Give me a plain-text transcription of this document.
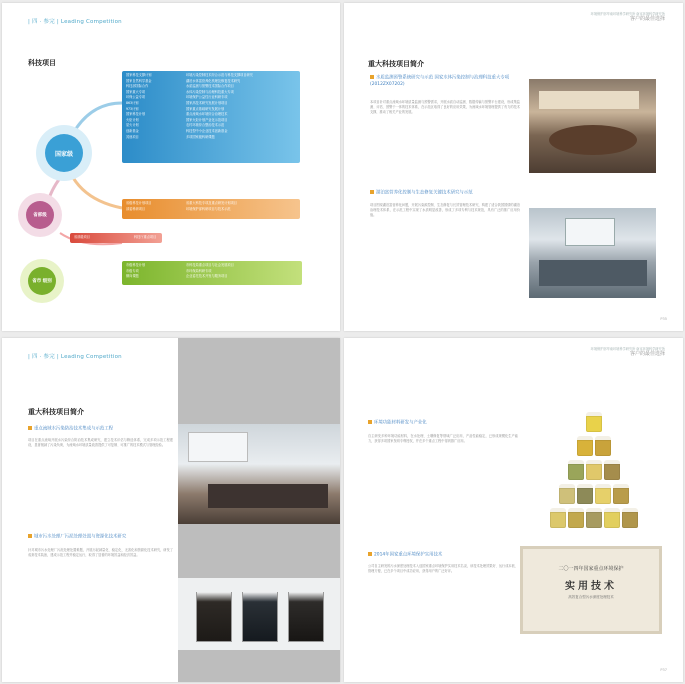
| 四 · 参完 | Leading Competition
科技项目
国家级
省部级
省市 级别
国家科技支撑计划	环境污染控制技术综合示范与科技支撑项目研究
国家自然科学基金	湖泊水体富营养化机理及修复技术研究
科技部国际合作	水质监测与预警技术国际合作项目
国家重大专项	水体污染控制与治理科技重大专项
环保公益专项	环境保护公益性行业科研专项
863计划	国家高技术研究发展计划项目
973计划	国家重点基础研究发展计划
国家科技计划	重点流域水环境综合治理技术
火炬计划	国家火炬计划产业化示范项目
星火计划	农村环境综合整治技术示范
创新基金	科技型中小企业技术创新基金
其他项目	多项国家级科研课题
省级科技计划项目	省重大科技专项及重点研发计划项目
部委科研项目	环境保护部科研项目与技术示范
省部级项目	科技厅重点项目
市级科技计划	市科技局重点项目与社会发展项目
市级专项	市环保局科研专项
横向课题	企业委托技术开发与服务项目
环境保护部华南环境科学研究所 南京环境科学研究所
客户的最佳选择
重大科技项目简介
水质监测预警系统研究与示范 国家水体污染控制与治理科技重大专项 (2012ZX07202)
本项目针对重点流域水环境质量监测与预警需求，开展水质自动监测、数据传输与预警平台建设，形成集监测、评估、预警于一体的技术体系，在示范区取得了良好的应用效果，为流域水环境管理提供了有力的技术支撑，推动了相关产业的发展。
湖泊富营养化控制与生态修复关键技术研究与示范
项目围绕湖泊富营养化问题，开展污染源控制、生态修复与长效管理技术研究，构建了适合我国国情的湖泊治理技术体系，在示范工程中实现了水质明显改善，形成了多项专利与技术规范，具有广泛的推广应用价值。
P35
| 四 · 参完 | Leading Competition
重大科技项目简介
重点流域水污染防治技术集成与示范工程
项目在重点流域开展水污染综合防治技术集成研究，建立技术评估与筛选体系，完成多项示范工程建设，显著削减了污染负荷，为流域水环境质量改善提供了可复制、可推广的技术模式与管理经验。
城市污水处理厂污泥处理处置与资源化技术研究
针对城市污水处理厂污泥处理处置难题，开展污泥减量化、稳定化、无害化和资源化技术研究，研发了成套技术装备，建成示范工程并稳定运行，取得了显著的环境效益和经济效益。
环境保护部华南环境科学研究所 南京环境科学研究所
客户的最佳选择
环境功能材料研发与产业化
自主研发多种环境功能材料，在水处理、土壤修复等领域广泛应用，产品性能稳定，已形成规模化生产能力，获得多项国家发明专利授权，并在多个重点工程中得到推广应用。
2014年国家重点环境保护实用技术
公司自主研发的污水深度处理技术入选国家重点环境保护实用技术名录，该技术处理效果好、运行成本低、管理方便，已在多个项目中成功应用，获得用户的广泛好评。	二〇一四年国家重点环境保护
实用技术
高效复合型污水深度处理技术
P37
